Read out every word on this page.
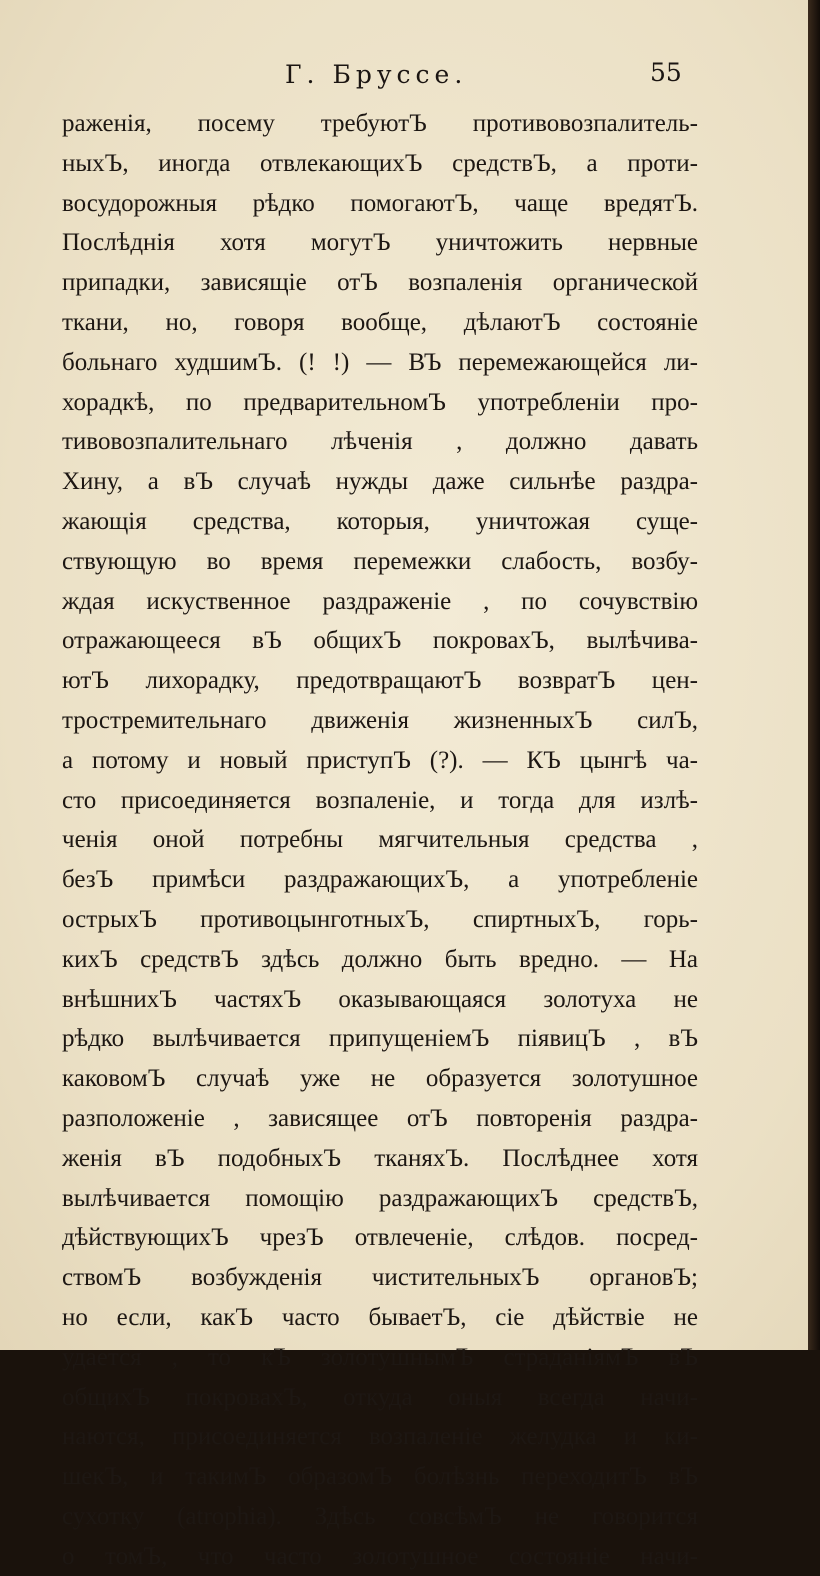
Г. Бруссе.	55
раженія, посему требуютЪ противовозпалитель-
ныхЪ, иногда отвлекающихЪ средствЪ, а проти-
восудорожныя рѣдко помогаютЪ, чаще вредятЪ.
Послѣднія хотя могутЪ уничтожить нервные
припадки, зависящіе отЪ возпаленія органической
ткани, но, говоря вообще, дѣлаютЪ состояніе
больнаго худшимЪ. (! !) — ВЪ перемежающейся ли-
хорадкѣ, по предварительномЪ употребленіи про-
тивовозпалительнаго лѣченія , должно давать
Хину, а вЪ случаѣ нужды даже сильнѣе раздра-
жающія средства, которыя, уничтожая суще-
ствующую во время перемежки слабость, возбу-
ждая искуственное раздраженіе , по сочувствію
отражающееся вЪ общихЪ покровахЪ, вылѣчива-
ютЪ лихорадку, предотвращаютЪ возвратЪ цен-
тростремительнаго движенія жизненныхЪ силЪ,
а потому и новый приступЪ (?). — КЪ цынгѣ ча-
сто присоединяется возпаленіе, и тогда для излѣ-
ченія оной потребны мягчительныя средства ,
безЪ примѣси раздражающихЪ, а употребленіе
острыхЪ противоцынготныхЪ, спиртныхЪ, горь-
кихЪ средствЪ здѣсь должно быть вредно. — На
внѣшнихЪ частяхЪ оказывающаяся золотуха не
рѣдко вылѣчивается припущеніемЪ піявицЪ , вЪ
каковомЪ случаѣ уже не образуется золотушное
разположеніе , зависящее отЪ повторенія раздра-
женія вЪ подобныхЪ тканяхЪ. Послѣднее хотя
вылѣчивается помощію раздражающихЪ средствЪ,
дѣйствующихЪ чрезЪ отвлеченіе, слѣдов. посред-
ствомЪ возбужденія чистительныхЪ органовЪ;
но если, какЪ часто бываетЪ, сіе дѣйствіе не
удается , то кЪ золотушнымЪ страданіямЪ вЪ
общихЪ покровахЪ, откуда оныя всегда начи-
наются, присоединяется возпаленіе желудка и ки-
шекЪ, и такимЪ образомЪ болѣзнь переходитЪ вЪ
сухотку (atrophia). Здѣсь совсѣмЪ не говорится
о томЪ, что часто золотушное состояніе начи-
